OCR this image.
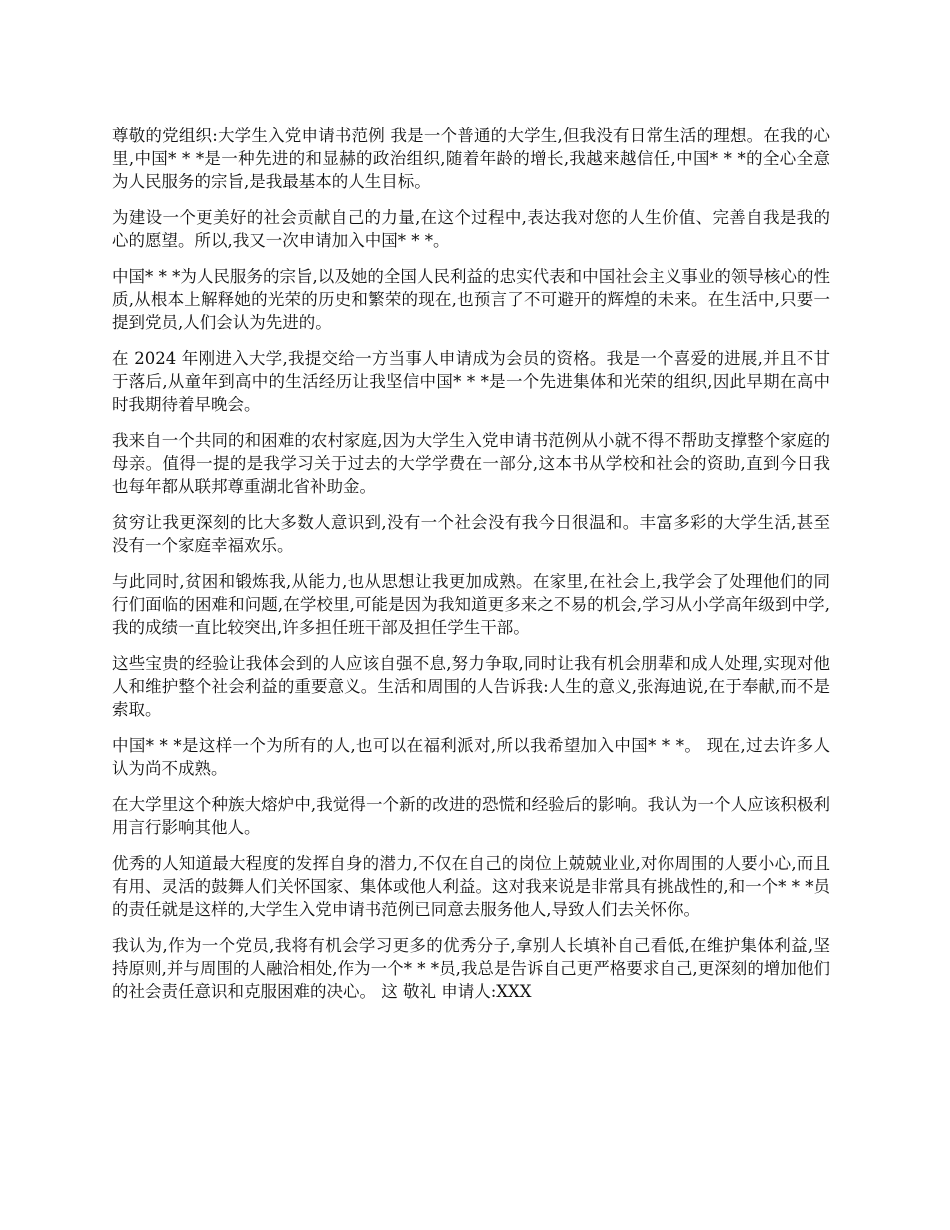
尊敬的党组织:大学生入党申请书范例 我是一个普通的大学生,但我没有日常生活的理想。在我的心里,中国* * *是一种先进的和显赫的政治组织,随着年龄的增长,我越来越信任,中国* * *的全心全意为人民服务的宗旨,是我最基本的人生目标。

为建设一个更美好的社会贡献自己的力量,在这个过程中,表达我对您的人生价值、完善自我是我的心的愿望。所以,我又一次申请加入中国* * *。

中国* * *为人民服务的宗旨,以及她的全国人民利益的忠实代表和中国社会主义事业的领导核心的性质,从根本上解释她的光荣的历史和繁荣的现在,也预言了不可避开的辉煌的未来。在生活中,只要一提到党员,人们会认为先进的。

在 2024 年刚进入大学,我提交给一方当事人申请成为会员的资格。我是一个喜爱的进展,并且不甘于落后,从童年到高中的生活经历让我坚信中国* * *是一个先进集体和光荣的组织,因此早期在高中时我期待着早晚会。

我来自一个共同的和困难的农村家庭,因为大学生入党申请书范例从小就不得不帮助支撑整个家庭的母亲。值得一提的是我学习关于过去的大学学费在一部分,这本书从学校和社会的资助,直到今日我也每年都从联邦尊重湖北省补助金。

贫穷让我更深刻的比大多数人意识到,没有一个社会没有我今日很温和。丰富多彩的大学生活,甚至没有一个家庭幸福欢乐。

与此同时,贫困和锻炼我,从能力,也从思想让我更加成熟。在家里,在社会上,我学会了处理他们的同行们面临的困难和问题,在学校里,可能是因为我知道更多来之不易的机会,学习从小学高年级到中学,我的成绩一直比较突出,许多担任班干部及担任学生干部。

这些宝贵的经验让我体会到的人应该自强不息,努力争取,同时让我有机会朋辈和成人处理,实现对他人和维护整个社会利益的重要意义。生活和周围的人告诉我:人生的意义,张海迪说,在于奉献,而不是索取。

中国* * *是这样一个为所有的人,也可以在福利派对,所以我希望加入中国* * *。 现在,过去许多人认为尚不成熟。

在大学里这个种族大熔炉中,我觉得一个新的改进的恐慌和经验后的影响。我认为一个人应该积极利用言行影响其他人。

优秀的人知道最大程度的发挥自身的潜力,不仅在自己的岗位上兢兢业业,对你周围的人要小心,而且有用、灵活的鼓舞人们关怀国家、集体或他人利益。这对我来说是非常具有挑战性的,和一个* * *员的责任就是这样的,大学生入党申请书范例已同意去服务他人,导致人们去关怀你。

我认为,作为一个党员,我将有机会学习更多的优秀分子,拿别人长填补自己看低,在维护集体利益,坚持原则,并与周围的人融洽相处,作为一个* * *员,我总是告诉自己更严格要求自己,更深刻的增加他们的社会责任意识和克服困难的决心。 这 敬礼 申请人:XXX
